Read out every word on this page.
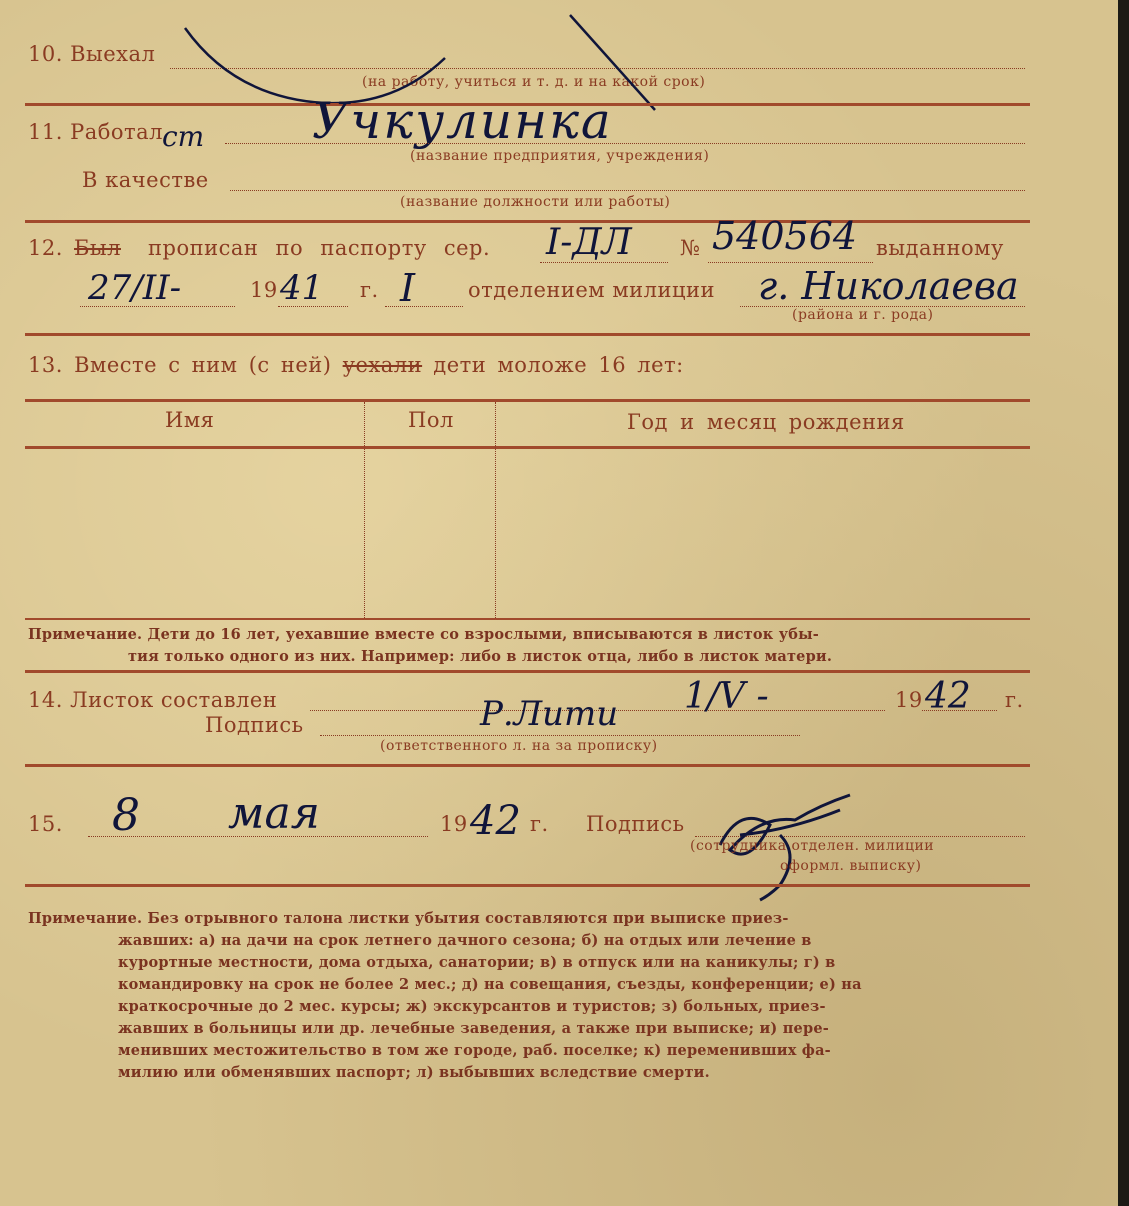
10. Выехал
(на работу, учиться и т. д. и на какой срок)
11. Работал ст Учкулинка
(название предприятия, учреждения)
В качестве
(название должности или работы)
12. Был прописан по паспорту сер. I-ДЛ № 540564 выданному
27/II-	19 41 г. I	отделением милиции г. Николаева
(района и г. рода)
13. Вместе с ним (с ней) уехали дети моложе 16 лет:
Имя	Пол	Год и месяц рождения
Примечание. Дети до 16 лет, уехавшие вместе со взрослыми, вписываются в листок убы-
тия только одного из них. Например: либо в листок отца, либо в листок матери.
14. Листок составлен	1/V -	19 42 г.
Подпись	Р.Лити
(ответственного л. на за прописку)
15. 8 мая	19 42 г. Подпись
(сотрудника отделен. милиции
оформл. выписку)
Примечание. Без отрывного талона листки убытия составляются при выписке приез-
жавших: а) на дачи на срок летнего дачного сезона; б) на отдых или лечение в
курортные местности, дома отдыха, санатории; в) в отпуск или на каникулы; г) в
командировку на срок не более 2 мес.; д) на совещания, съезды, конференции; е) на
краткосрочные до 2 мес. курсы; ж) экскурсантов и туристов; з) больных, приез-
жавших в больницы или др. лечебные заведения, а также при выписке; и) пере-
менивших местожительство в том же городе, раб. поселке; к) переменивших фа-
милию или обменявших паспорт; л) выбывших вследствие смерти.
